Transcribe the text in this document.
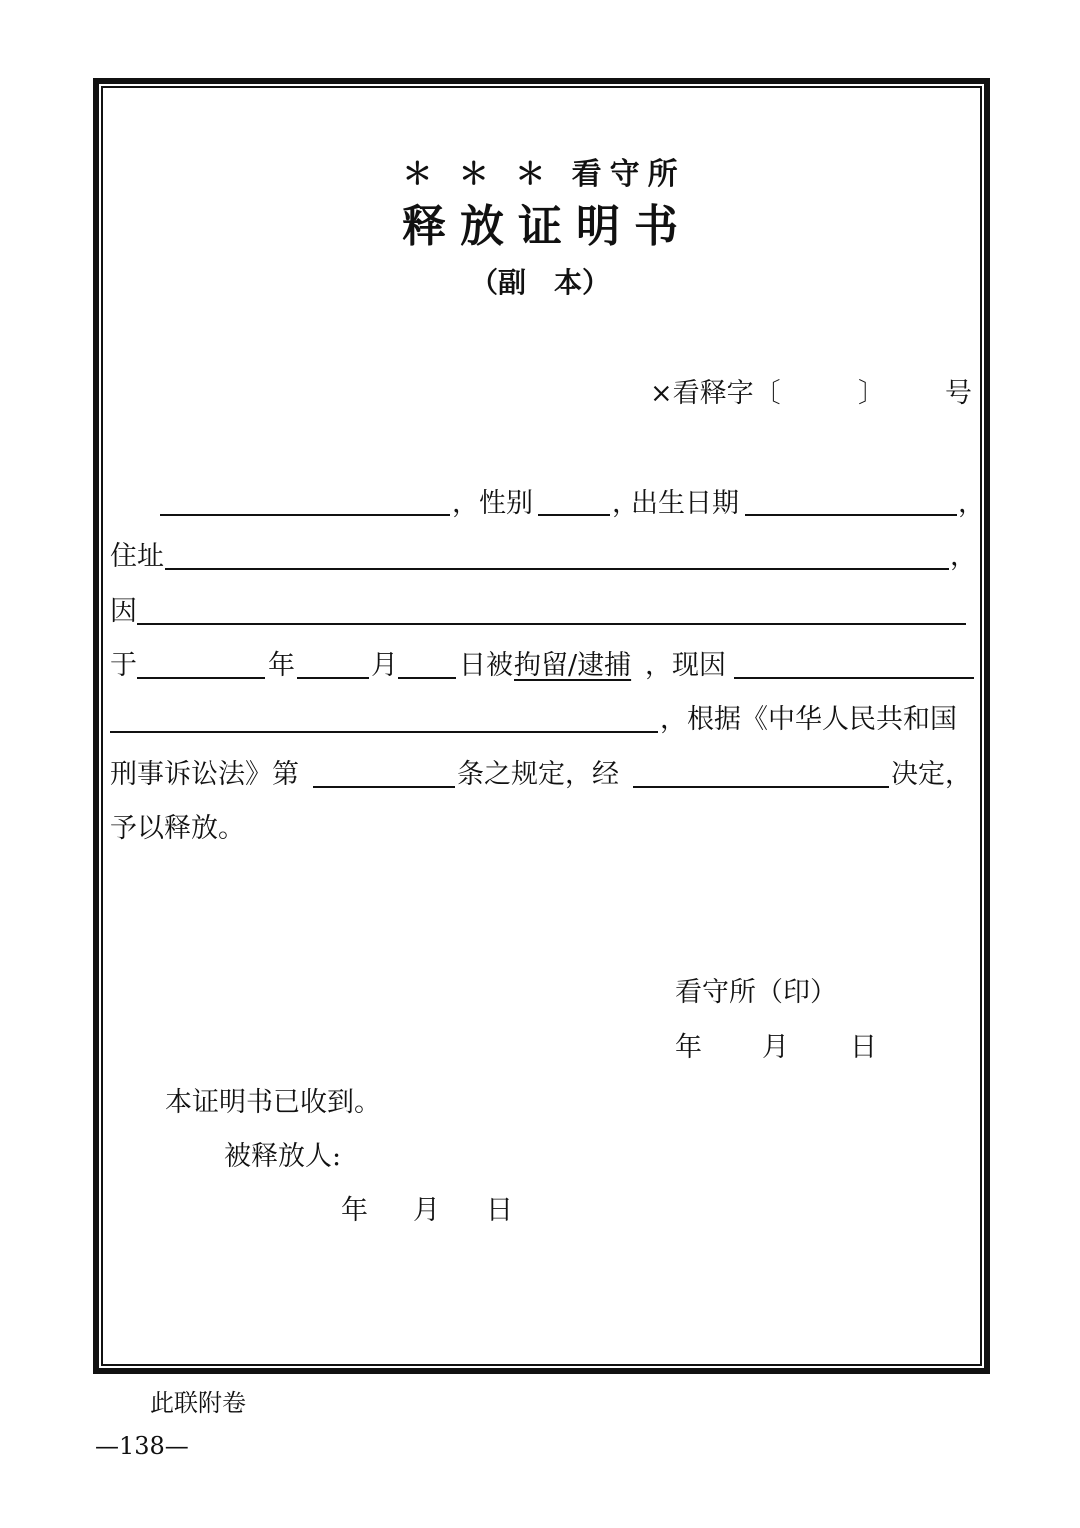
＊ ＊ ＊ 看守所
释放证明书
（副　本）
×看释字〔	〕 号
，性别	，
出生日期	，
住址	，
因
于	年	月 日被 拘留/逮捕 ，现因
，根据《中华人民共和国
刑事诉讼法》第	条之规定，经	决定，
予以释放。
看守所（印）
年 月 日
本证明书已收到。
被释放人:
年 月 日
此联附卷
—138—
